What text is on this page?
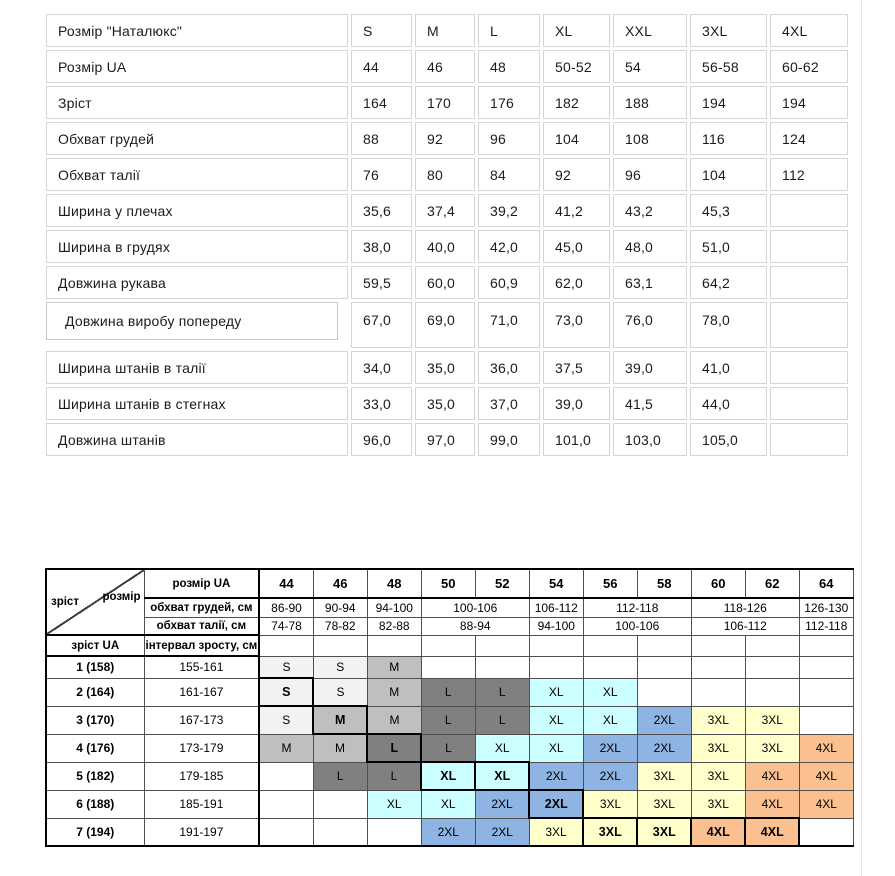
Розмір "Наталюкс"	S	M	L	XL	XXL	3XL	4XL
Розмір UA	44	46	48	50-52	54	56-58	60-62
Зріст	164	170	176	182	188	194	194
Обхват грудей	88	92	96	104	108	116	124
Обхват талії	76	80	84	92	96	104	112
Ширина у плечах	35,6	37,4	39,2	41,2	43,2	45,3	
Ширина в грудях	38,0	40,0	42,0	45,0	48,0	51,0	
Довжина рукава	59,5	60,0	60,9	62,0	63,1	64,2	

Довжина виробу попереду	67,0	69,0	71,0	73,0	76,0	78,0	
Ширина штанів в талії	34,0	35,0	36,0	37,5	39,0	41,0	
Ширина штанів в стегнах	33,0	35,0	37,0	39,0	41,5	44,0	
Довжина штанів	96,0	97,0	99,0	101,0	103,0	105,0	
зріст розмір	розмір UA	44	46	48	50	52	54	56	58	60	62	64
	обхват грудей, см	86-90	90-94	94-100	100-106		106-112	112-118		118-126		126-130
	обхват талії, см	74-78	78-82	82-88	88-94		94-100	100-106		106-112		112-118
зріст UA	інтервал зросту, см											
1 (158)	155-161	S	S	M								
2 (164)	161-167	S	S	M	L	L	XL	XL				
3 (170)	167-173	S	M	M	L	L	XL	XL	2XL	3XL	3XL	
4 (176)	173-179	M	M	L	L	XL	XL	2XL	2XL	3XL	3XL	4XL
5 (182)	179-185		L	L	XL	XL	2XL	2XL	3XL	3XL	4XL	4XL
6 (188)	185-191			XL	XL	2XL	2XL	3XL	3XL	3XL	4XL	4XL
7 (194)	191-197				2XL	2XL	3XL	3XL	3XL	4XL	4XL	
